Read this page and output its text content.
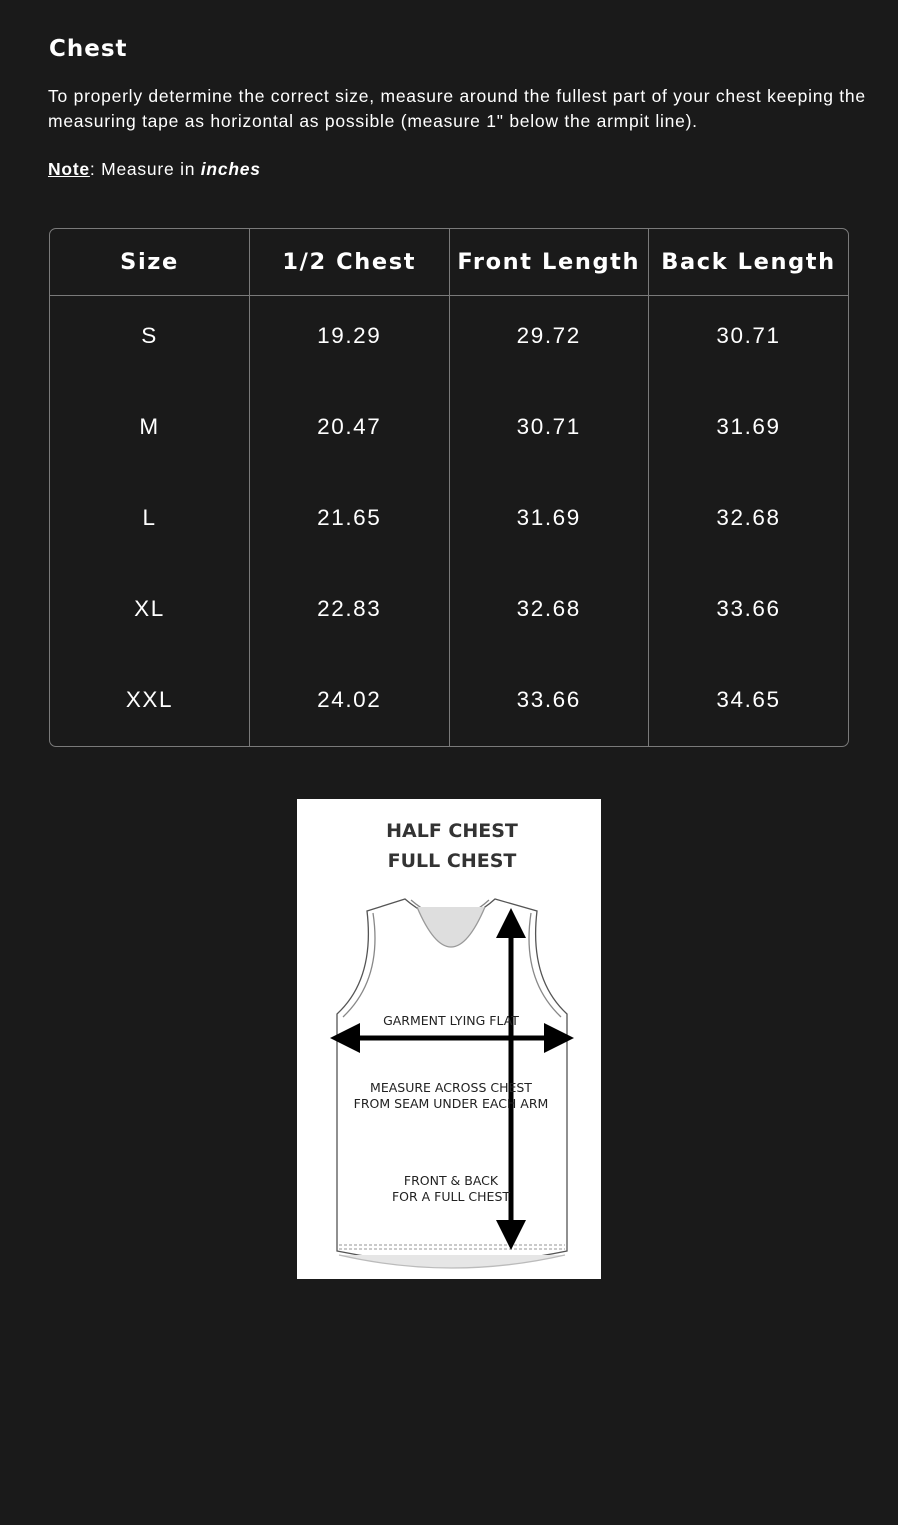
Chest

To properly determine the correct size, measure around the fullest part of your chest keeping the measuring tape as horizontal as possible (measure 1" below the armpit line).

Note: Measure in inches

Size	1/2 Chest	Front Length	Back Length
S	19.29	29.72	30.71
M	20.47	30.71	31.69
L	21.65	31.69	32.68
XL	22.83	32.68	33.66
XXL	24.02	33.66	34.65
HALF CHEST
FULL CHEST
GARMENT LYING FLAT
MEASURE ACROSS CHEST
FROM SEAM UNDER EACH ARM
FRONT & BACK
FOR A FULL CHEST
